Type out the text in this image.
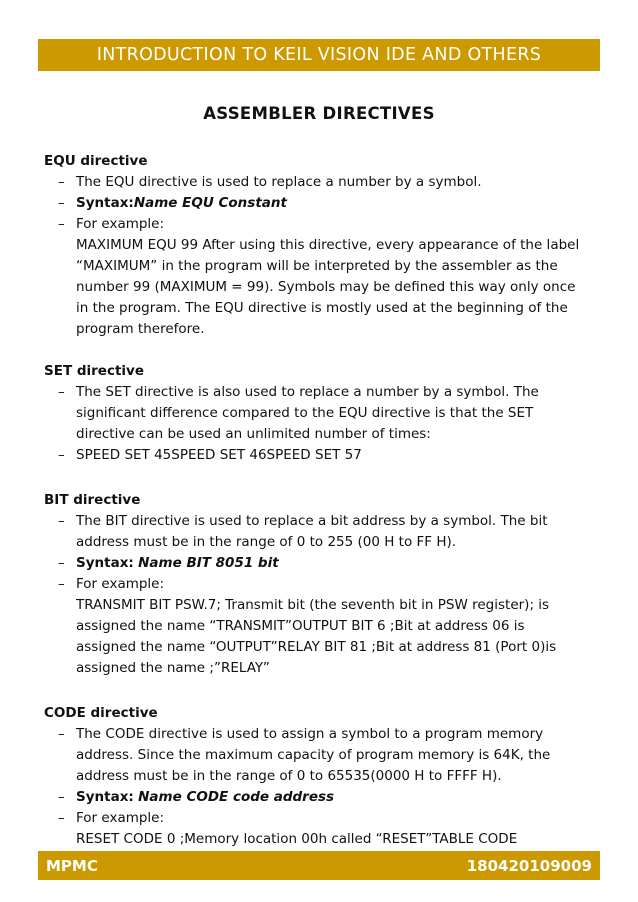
INTRODUCTION TO KEIL VISION IDE AND OTHERS
ASSEMBLER DIRECTIVES
EQU directive
– The EQU directive is used to replace a number by a symbol.
– Syntax:Name EQU Constant
– For example:
MAXIMUM EQU 99 After using this directive, every appearance of the label “MAXIMUM” in the program will be interpreted by the assembler as the number 99 (MAXIMUM = 99). Symbols may be defined this way only once in the program. The EQU directive is mostly used at the beginning of the program therefore.
SET directive
– The SET directive is also used to replace a number by a symbol. The significant difference compared to the EQU directive is that the SET directive can be used an unlimited number of times:
– SPEED SET 45SPEED SET 46SPEED SET 57
BIT directive
– The BIT directive is used to replace a bit address by a symbol. The bit address must be in the range of 0 to 255 (00 H to FF H).
– Syntax: Name BIT 8051 bit
– For example:
TRANSMIT BIT PSW.7; Transmit bit (the seventh bit in PSW register); is assigned the name “TRANSMIT”OUTPUT BIT 6 ;Bit at address 06 is assigned the name “OUTPUT”RELAY BIT 81 ;Bit at address 81 (Port 0)is assigned the name ;”RELAY”
CODE directive
– The CODE directive is used to assign a symbol to a program memory address. Since the maximum capacity of program memory is 64K, the address must be in the range of 0 to 65535(0000 H to FFFF H).
– Syntax: Name CODE code address
– For example:
RESET CODE 0 ;Memory location 00h called “RESET”TABLE CODE
MPMC	180420109009
